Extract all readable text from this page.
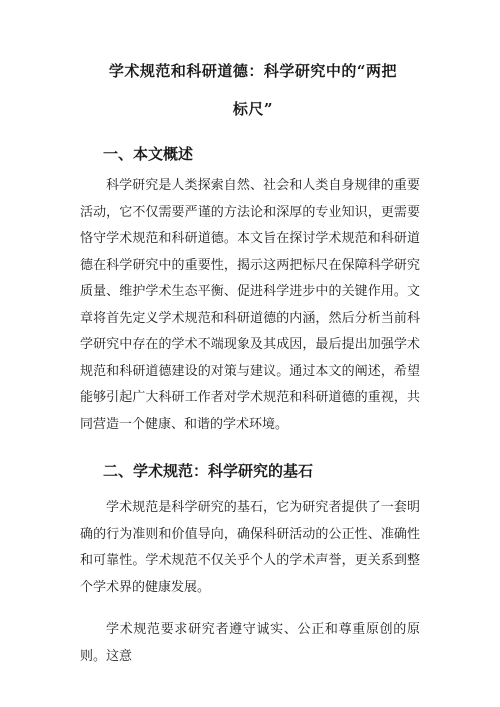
学术规范和科研道德：科学研究中的“两把标尺”
一、本文概述

科学研究是人类探索自然、社会和人类自身规律的重要活动，它不仅需要严谨的方法论和深厚的专业知识，更需要恪守学术规范和科研道德。本文旨在探讨学术规范和科研道德在科学研究中的重要性，揭示这两把标尺在保障科学研究质量、维护学术生态平衡、促进科学进步中的关键作用。文章将首先定义学术规范和科研道德的内涵，然后分析当前科学研究中存在的学术不端现象及其成因，最后提出加强学术规范和科研道德建设的对策与建议。通过本文的阐述，希望能够引起广大科研工作者对学术规范和科研道德的重视，共同营造一个健康、和谐的学术环境。

二、学术规范：科学研究的基石

学术规范是科学研究的基石，它为研究者提供了一套明确的行为准则和价值导向，确保科研活动的公正性、准确性和可靠性。学术规范不仅关乎个人的学术声誉，更关系到整个学术界的健康发展。

学术规范要求研究者遵守诚实、公正和尊重原创的原则。这意
